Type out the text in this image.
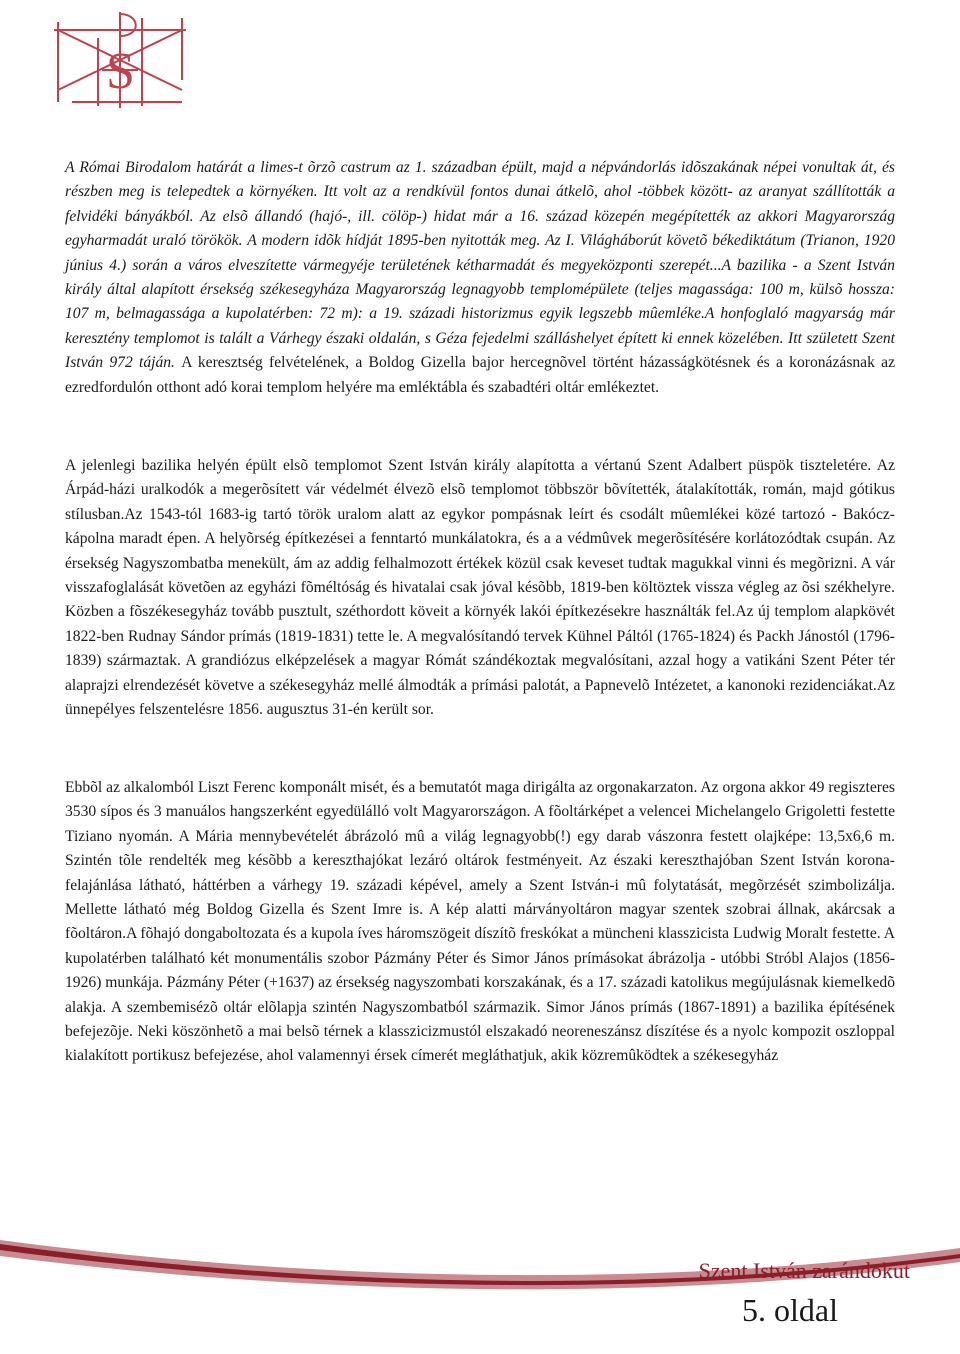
S

A Római Birodalom határát a limes-t õrzõ castrum az 1. században épült, majd a népvándorlás idõszakának népei vonultak át, és részben meg is telepedtek a környéken. Itt volt az a rendkívül fontos dunai átkelõ, ahol -többek között- az aranyat szállították a felvidéki bányákból. Az elsõ állandó (hajó-, ill. cölöp-) hidat már a 16. század közepén megépítették az akkori Magyarország egyharmadát uraló törökök. A modern idõk hídját 1895-ben nyitották meg. Az I. Világháborút követõ békediktátum (Trianon, 1920 június 4.) során a város elveszítette vármegyéje területének kétharmadát és megyeközponti szerepét...A bazilika - a Szent István király által alapított érsekség székesegyháza Magyarország legnagyobb templomépülete (teljes magassága: 100 m, külsõ hossza: 107 m, belmagassága a kupolatérben: 72 m): a 19. századi historizmus egyik legszebb mûemléke.A honfoglaló magyarság már keresztény templomot is talált a Várhegy északi oldalán, s Géza fejedelmi szálláshelyet épített ki ennek közelében. Itt született Szent István 972 táján. A keresztség felvételének, a Boldog Gizella bajor hercegnõvel történt házasságkötésnek és a koronázásnak az ezredfordulón otthont adó korai templom helyére ma emléktábla és szabadtéri oltár emlékeztet.

A jelenlegi bazilika helyén épült elsõ templomot Szent István király alapította a vértanú Szent Adalbert püspök tiszteletére. Az Árpád-házi uralkodók a megerõsített vár védelmét élvezõ elsõ templomot többször bõvítették, átalakították, román, majd gótikus stílusban.Az 1543-tól 1683-ig tartó török uralom alatt az egykor pompásnak leírt és csodált mûemlékei közé tartozó - Bakócz-kápolna maradt épen. A helyõrség építkezései a fenntartó munkálatokra, és a a védmûvek megerõsítésére korlátozódtak csupán. Az érsekség Nagyszombatba menekült, ám az addig felhalmozott értékek közül csak keveset tudtak magukkal vinni és megõrizni. A vár visszafoglalását követõen az egyházi fõméltóság és hivatalai csak jóval késõbb, 1819-ben költöztek vissza végleg az õsi székhelyre. Közben a fõszékesegyház tovább pusztult, széthordott köveit a környék lakói építkezésekre használták fel.Az új templom alapkövét 1822-ben Rudnay Sándor prímás (1819-1831) tette le. A megvalósítandó tervek Kühnel Páltól (1765-1824) és Packh Jánostól (1796-1839) származtak. A grandiózus elképzelések a magyar Rómát szándékoztak megvalósítani, azzal hogy a vatikáni Szent Péter tér alaprajzi elrendezését követve a székesegyház mellé álmodták a prímási palotát, a Papnevelõ Intézetet, a kanonoki rezidenciákat.Az ünnepélyes felszentelésre 1856. augusztus 31-én került sor.

Ebbõl az alkalomból Liszt Ferenc komponált misét, és a bemutatót maga dirigálta az orgonakarzaton. Az orgona akkor 49 regiszteres 3530 sípos és 3 manuálos hangszerként egyedülálló volt Magyarországon. A fõoltárképet a velencei Michelangelo Grigoletti festette Tiziano nyomán. A Mária mennybevételét ábrázoló mû a világ legnagyobb(!) egy darab vászonra festett olajképe: 13,5x6,6 m. Szintén tõle rendelték meg késõbb a kereszthajókat lezáró oltárok festményeit. Az északi kereszthajóban Szent István korona-felajánlása látható, háttérben a várhegy 19. századi képével, amely a Szent István-i mû folytatását, megõrzését szimbolizálja. Mellette látható még Boldog Gizella és Szent Imre is. A kép alatti márványoltáron magyar szentek szobrai állnak, akárcsak a fõoltáron.A fõhajó dongaboltozata és a kupola íves háromszögeit díszítõ freskókat a müncheni klasszicista Ludwig Moralt festette. A kupolatérben található két monumentális szobor Pázmány Péter és Simor János prímásokat ábrázolja - utóbbi Stróbl Alajos (1856-1926) munkája. Pázmány Péter (+1637) az érsekség nagyszombati korszakának, és a 17. századi katolikus megújulásnak kiemelkedõ alakja. A szembemisézõ oltár elõlapja szintén Nagyszombatból származik. Simor János prímás (1867-1891) a bazilika építésének befejezõje. Neki köszönhetõ a mai belsõ térnek a klasszicizmustól elszakadó neoreneszánsz díszítése és a nyolc kompozit oszloppal kialakított portikusz befejezése, ahol valamennyi érsek címerét megláthatjuk, akik közremûködtek a székesegyház

Szent István zarándokút
5. oldal
